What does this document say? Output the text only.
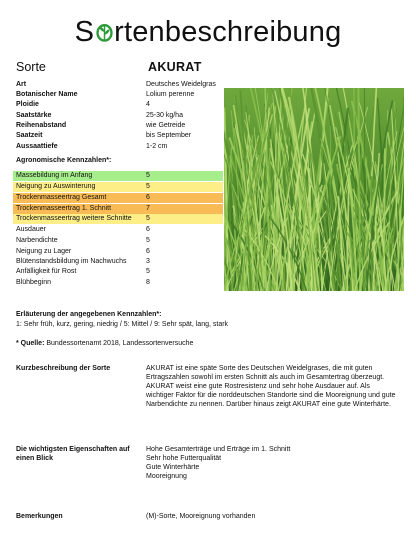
S rtenbeschreibung
Sorte	AKURAT
Art	Deutsches Weidelgras
Botanischer Name	Lolium perenne
Ploidie	4
Saatstärke	25-30 kg/ha
Reihenabstand	wie Getreide
Saatzeit	bis September
Aussaattiefe	1-2 cm
Agronomische Kennzahlen*:
Massebildung im Anfang	5
Neigung zu Auswinterung	5
Trockenmasseertrag Gesamt	6
Trockenmasseertrag 1. Schnitt	7
Trockenmasseertrag weitere Schnitte 5
Ausdauer	6
Narbendichte	5
Neigung zu Lager	6
Blütenstandsbildung im Nachwuchs	3
Anfälligkeit für Rost	5
Blühbeginn	8
Erläuterung der angegebenen Kennzahlen*:
1: Sehr früh, kurz, gering, niedrig / 5: Mittel / 9: Sehr spät, lang, stark
* Quelle: Bundessortenamt 2018, Landessortenversuche
Kurzbeschreibung der Sorte	AKURAT ist eine späte Sorte des Deutschen Weidelgrases, die mit guten
Ertragszahlen sowohl im ersten Schnitt als auch im Gesamtertrag überzeugt.
AKURAT weist eine gute Rostresistenz und sehr hohe Ausdauer auf. Als
wichtiger Faktor für die norddeutschen Standorte sind die Mooreignung und gute
Narbendichte zu nennen. Darüber hinaus zeigt AKURAT eine gute Winterhärte.
Die wichtigsten Eigenschaften auf
einen Blick
Hohe Gesamterträge und Erträge im 1. Schnitt
Sehr hohe Futterqualität
Gute Winterhärte
Mooreignung
Bemerkungen	(M)-Sorte, Mooreignung vorhanden
